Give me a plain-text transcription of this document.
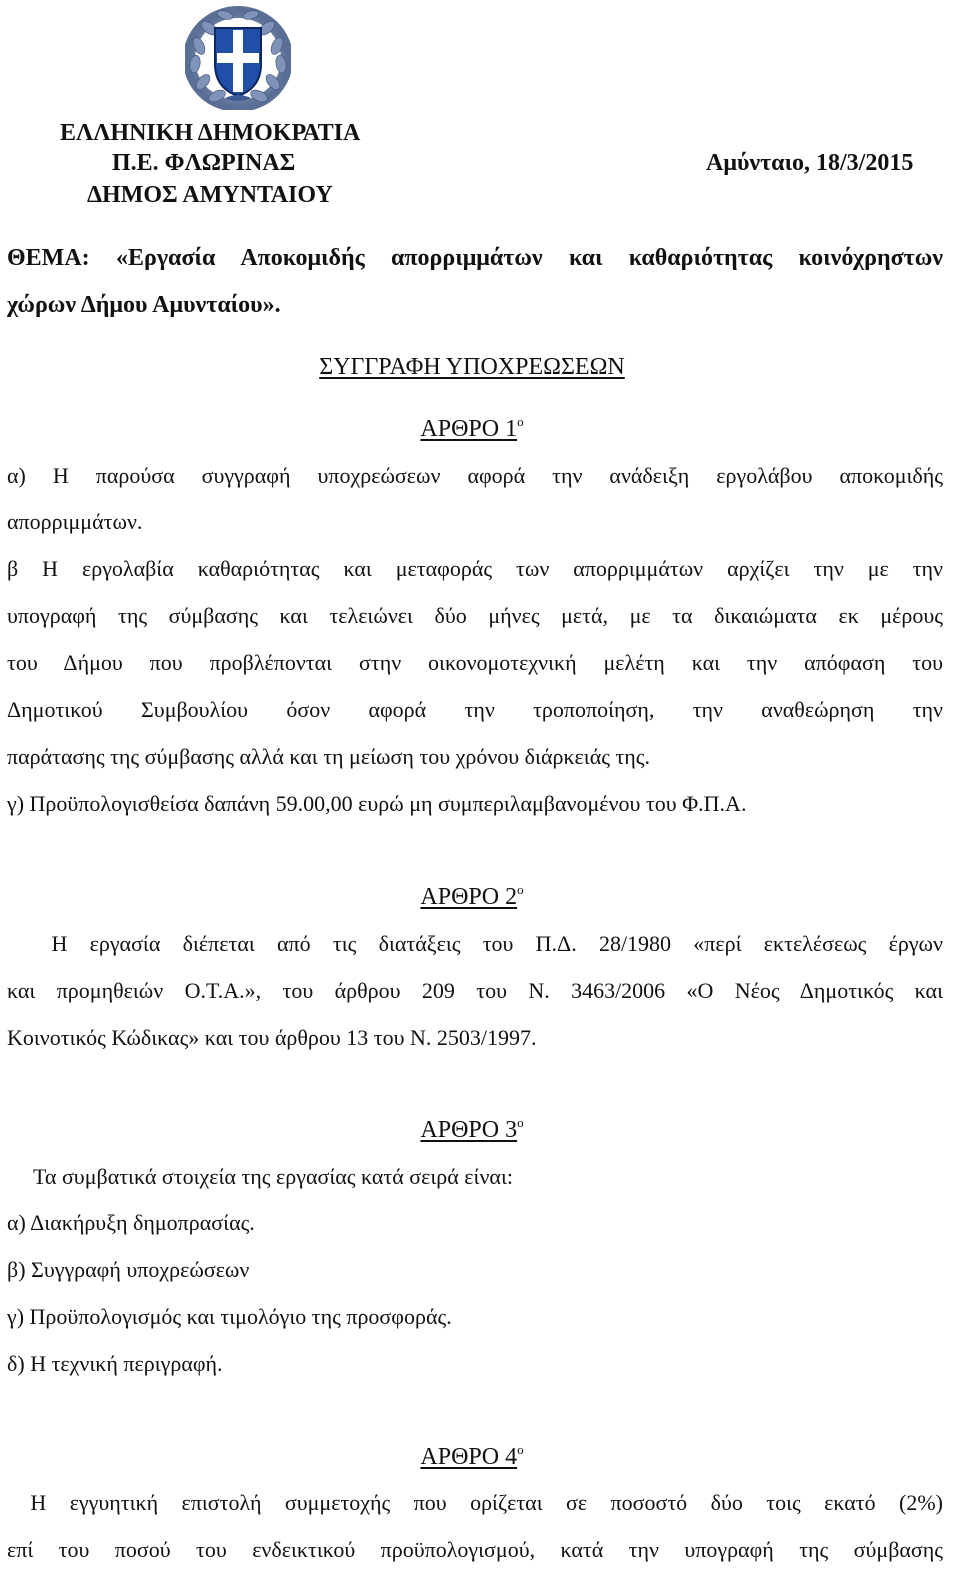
ΕΛΛΗΝΙΚΗ ΔΗΜΟΚΡΑΤΙΑ

Π.Ε. ΦΛΩΡΙΝΑΣ

ΔΗΜΟΣ ΑΜΥΝΤΑΙΟΥ

Αμύνταιο, 18/3/2015

ΘΕΜΑ: «Εργασία Αποκομιδής απορριμμάτων και καθαριότητας κοινόχρηστων

χώρων Δήμου Αμυνταίου».

ΣΥΓΓΡΑΦΗ ΥΠΟΧΡΕΩΣΕΩΝ

ΑΡΘΡΟ $1^o$

α) Η παρούσα συγγραφή υποχρεώσεων αφορά την ανάδειξη εργολάβου αποκομιδής
απορριμμάτων.
β Η εργολαβία καθαριότητας και μεταφοράς των απορριμμάτων αρχίζει την με την
υπογραφή της σύμβασης και τελειώνει δύο μήνες μετά, με τα δικαιώματα εκ μέρους
του Δήμου που προβλέπονται στην οικονομοτεχνική μελέτη και την απόφαση του
Δημοτικού Συμβουλίου όσον αφορά την τροποποίηση, την αναθεώρηση την
παράτασης της σύμβασης αλλά και τη μείωση του χρόνου διάρκειάς της.
γ) Προϋπολογισθείσα δαπάνη 59.00,00 ευρώ μη συμπεριλαμβανομένου του Φ.Π.Α.

ΑΡΘΡΟ $2^o$

Η εργασία διέπεται από τις διατάξεις του Π.Δ. 28/1980 «περί εκτελέσεως έργων
και προμηθειών Ο.Τ.Α.», του άρθρου 209 του Ν. 3463/2006 «Ο Νέος Δημοτικός και
Κοινοτικός Κώδικας» και του άρθρου 13 του Ν. 2503/1997.

ΑΡΘΡΟ $3^o$

Τα συμβατικά στοιχεία της εργασίας κατά σειρά είναι:

α) Διακήρυξη δημοπρασίας.
β) Συγγραφή υποχρεώσεων
γ) Προϋπολογισμός και τιμολόγιο της προσφοράς.
δ) Η τεχνική περιγραφή.

ΑΡΘΡΟ $4^o$

Η εγγυητική επιστολή συμμετοχής που ορίζεται σε ποσοστό δύο τοις εκατό (2%)
επί του ποσού του ενδεικτικού προϋπολογισμού, κατά την υπογραφή της σύμβασης
